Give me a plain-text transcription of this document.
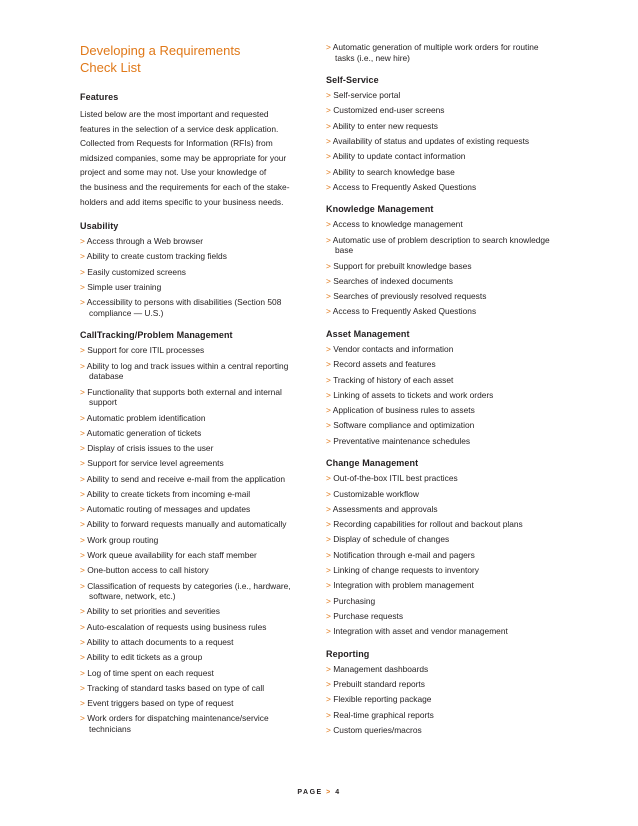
Developing a Requirements
Check List
Features
Listed below are the most important and requested
features in the selection of a service desk application.
Collected from Requests for Information (RFIs) from
midsized companies, some may be appropriate for your
project and some may not. Use your knowledge of
the business and the requirements for each of the stake-
holders and add items specific to your business needs.
Usability
> Access through a Web browser
> Ability to create custom tracking fields
> Easily customized screens
> Simple user training
> Accessibility to persons with disabilities (Section 508 compliance — U.S.)
CallTracking/Problem Management
> Support for core ITIL processes
> Ability to log and track issues within a central reporting database
> Functionality that supports both external and internal support
> Automatic problem identification
> Automatic generation of tickets
> Display of crisis issues to the user
> Support for service level agreements
> Ability to send and receive e-mail from the application
> Ability to create tickets from incoming e-mail
> Automatic routing of messages and updates
> Ability to forward requests manually and automatically
> Work group routing
> Work queue availability for each staff member
> One-button access to call history
> Classification of requests by categories (i.e., hardware, software, network, etc.)
> Ability to set priorities and severities
> Auto-escalation of requests using business rules
> Ability to attach documents to a request
> Ability to edit tickets as a group
> Log of time spent on each request
> Tracking of standard tasks based on type of call
> Event triggers based on type of request
> Work orders for dispatching maintenance/service technicians
> Automatic generation of multiple work orders for routine tasks (i.e., new hire)
Self-Service
> Self-service portal
> Customized end-user screens
> Ability to enter new requests
> Availability of status and updates of existing requests
> Ability to update contact information
> Ability to search knowledge base
> Access to Frequently Asked Questions
Knowledge Management
> Access to knowledge management
> Automatic use of problem description to search knowledge base
> Support for prebuilt knowledge bases
> Searches of indexed documents
> Searches of previously resolved requests
> Access to Frequently Asked Questions
Asset Management
> Vendor contacts and information
> Record assets and features
> Tracking of history of each asset
> Linking of assets to tickets and work orders
> Application of business rules to assets
> Software compliance and optimization
> Preventative maintenance schedules
Change Management
> Out-of-the-box ITIL best practices
> Customizable workflow
> Assessments and approvals
> Recording capabilities for rollout and backout plans
> Display of schedule of changes
> Notification through e-mail and pagers
> Linking of change requests to inventory
> Integration with problem management
> Purchasing
> Purchase requests
> Integration with asset and vendor management
Reporting
> Management dashboards
> Prebuilt standard reports
> Flexible reporting package
> Real-time graphical reports
> Custom queries/macros
PAGE > 4
